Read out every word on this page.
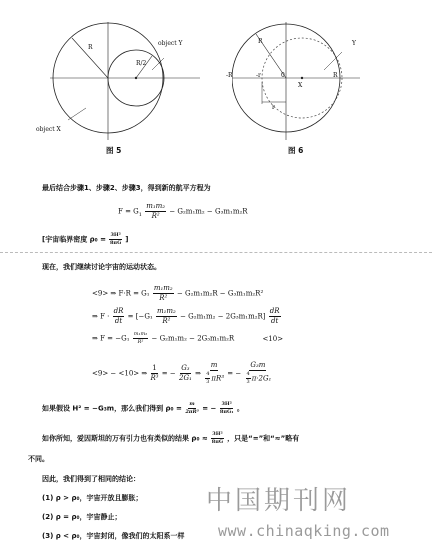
R
R/2
object Y
object X
图 5
R	Y
X
-R	-r	0	R
r
图 6
最后结合步骤1、步骤2、步骤3，得到新的航平方程为
$F = G_1 \frac{\text{m₁m₂}}{\text{R²}} - G_2m_1m_2 - G_3m_1m_2R$
[宇宙临界密度 $\rho_0 = \frac{\text{3H²}}{8\pi G}$ ]
现在，我们继续讨论宇宙的运动状态。
<9> ⇒ $F\cdot R = G_1 \frac{\text{m₁m₂}}{\text{R²}} - G_2m_1m_2R - G_3m_1m_2R^2$
⇒ $F \cdot \frac{dR}{dt} = [-G_1 \frac{\text{m₁m₂}}{\text{R²}} - G_2m_1m_2 - 2G_3m_1m_2R] \frac{dR}{dt}$
⇒ $F = -G_1 \frac{\text{m₁m₂}}{\text{R²}} - G_2m_1m_2 - 2G_3m_1m_2R$	<10>
<9> − <10> ⇒ $\frac{1}{\text{R³}}$ = − $\frac{\text{G₃}}{\text{2G₁}}$ ⇒ $\frac{m}{\frac{4}{3} \pi R^3}$ = − $\frac{\text{G₃m}}{\frac{4}{3} \pi\cdot 2G_1}$
如果假设 H² = −G₃m，那么我们得到 $\rho_0 = \frac{m}{\text{2πR³}}$ = − $\frac{\text{3H²}}{\text{8πG₁}}$ 。
如你所知，爱因斯坦的万有引力也有类似的结果 $\rho_0 \approx \frac{\text{3H²}}{8\pi G}$ ，只是“=”和“≈”略有
不同。
因此，我们得到了相同的结论：
(1) ρ > ρ₀，宇宙开放且膨胀；
(2) ρ = ρ₀，宇宙静止；
(3) ρ < ρ₀，宇宙封闭，像我们的太阳系一样
中国期刊网
www.chinaqking.com
